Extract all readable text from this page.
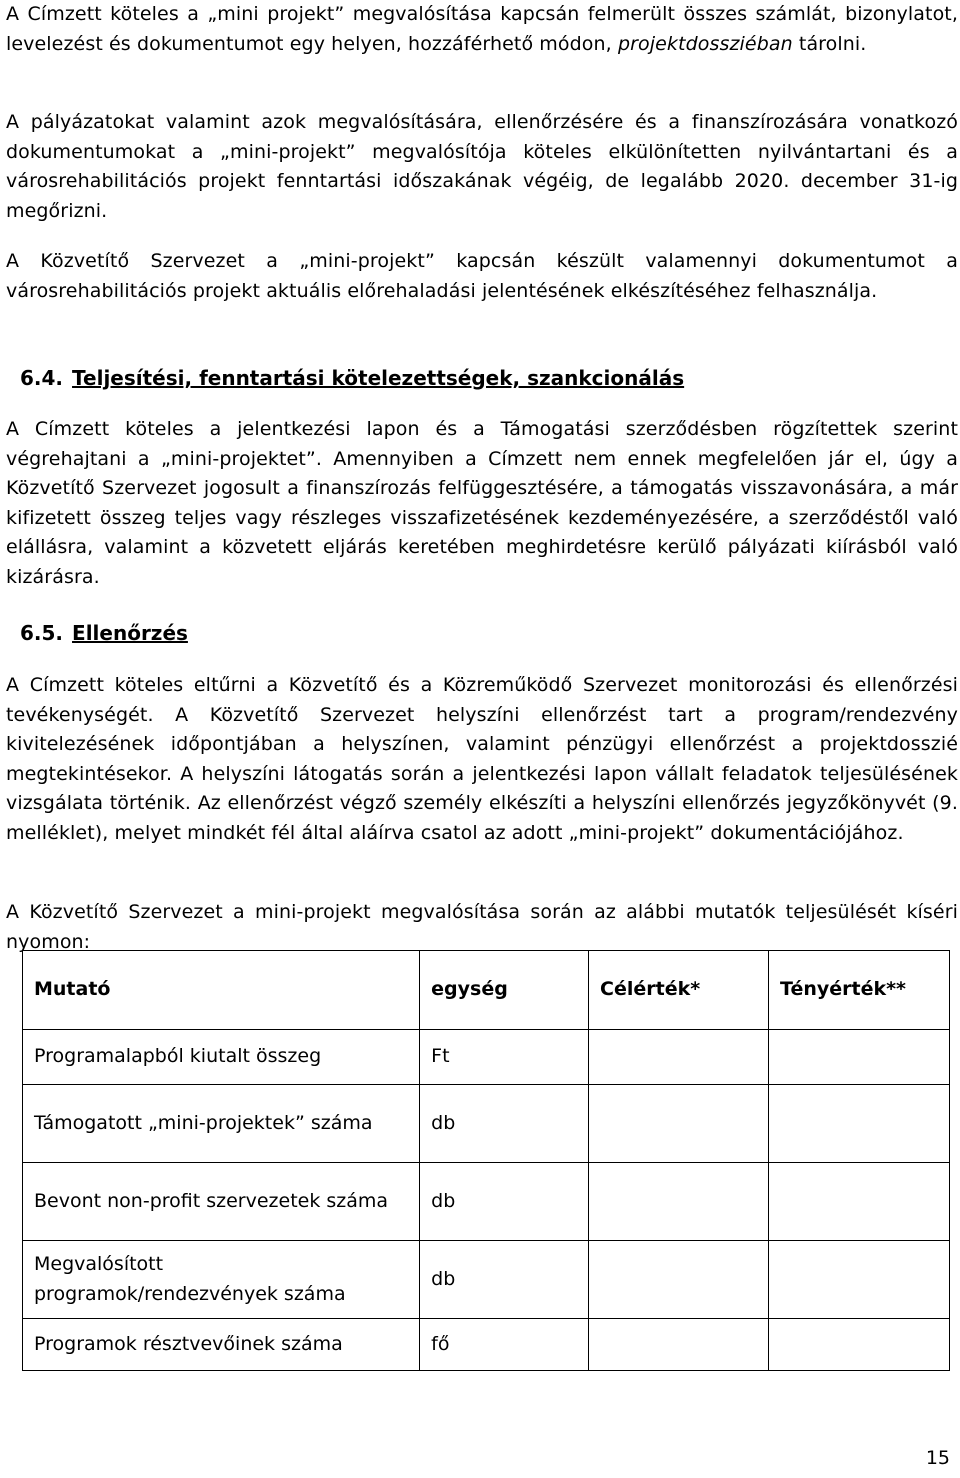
A Címzett köteles a „mini projekt” megvalósítása kapcsán felmerült összes számlát, bizonylatot, levelezést és dokumentumot egy helyen, hozzáférhető módon, projektdossziéban tárolni.

A pályázatokat valamint azok megvalósítására, ellenőrzésére és a finanszírozására vonatkozó dokumentumokat a „mini-projekt” megvalósítója köteles elkülönítetten nyilvántartani és a városrehabilitációs projekt fenntartási időszakának végéig, de legalább 2020. december 31-ig megőrizni.

A Közvetítő Szervezet a „mini-projekt” kapcsán készült valamennyi dokumentumot a városrehabilitációs projekt aktuális előrehaladási jelentésének elkészítéséhez felhasználja.

6.4. Teljesítési, fenntartási kötelezettségek, szankcionálás

A Címzett köteles a jelentkezési lapon és a Támogatási szerződésben rögzítettek szerint végrehajtani a „mini-projektet”. Amennyiben a Címzett nem ennek megfelelően jár el, úgy a Közvetítő Szervezet jogosult a finanszírozás felfüggesztésére, a támogatás visszavonására, a már kifizetett összeg teljes vagy részleges visszafizetésének kezdeményezésére, a szerződéstől való elállásra, valamint a közvetett eljárás keretében meghirdetésre kerülő pályázati kiírásból való kizárásra.

6.5. Ellenőrzés

A Címzett köteles eltűrni a Közvetítő és a Közreműködő Szervezet monitorozási és ellenőrzési tevékenységét. A Közvetítő Szervezet helyszíni ellenőrzést tart a program/rendezvény kivitelezésének időpontjában a helyszínen, valamint pénzügyi ellenőrzést a projektdosszié megtekintésekor. A helyszíni látogatás során a jelentkezési lapon vállalt feladatok teljesülésének vizsgálata történik. Az ellenőrzést végző személy elkészíti a helyszíni ellenőrzés jegyzőkönyvét (9. melléklet), melyet mindkét fél által aláírva csatol az adott „mini-projekt” dokumentációjához.

A Közvetítő Szervezet a mini-projekt megvalósítása során az alábbi mutatók teljesülését kíséri nyomon:

Mutató	egység	Célérték*	Tényérték**
Programalapból kiutalt összeg	Ft		
Támogatott „mini-projektek” száma	db		
Bevont non-profit szervezetek száma	db		
Megvalósított programok/rendezvények száma	db		
Programok résztvevőinek száma	fő		
15
